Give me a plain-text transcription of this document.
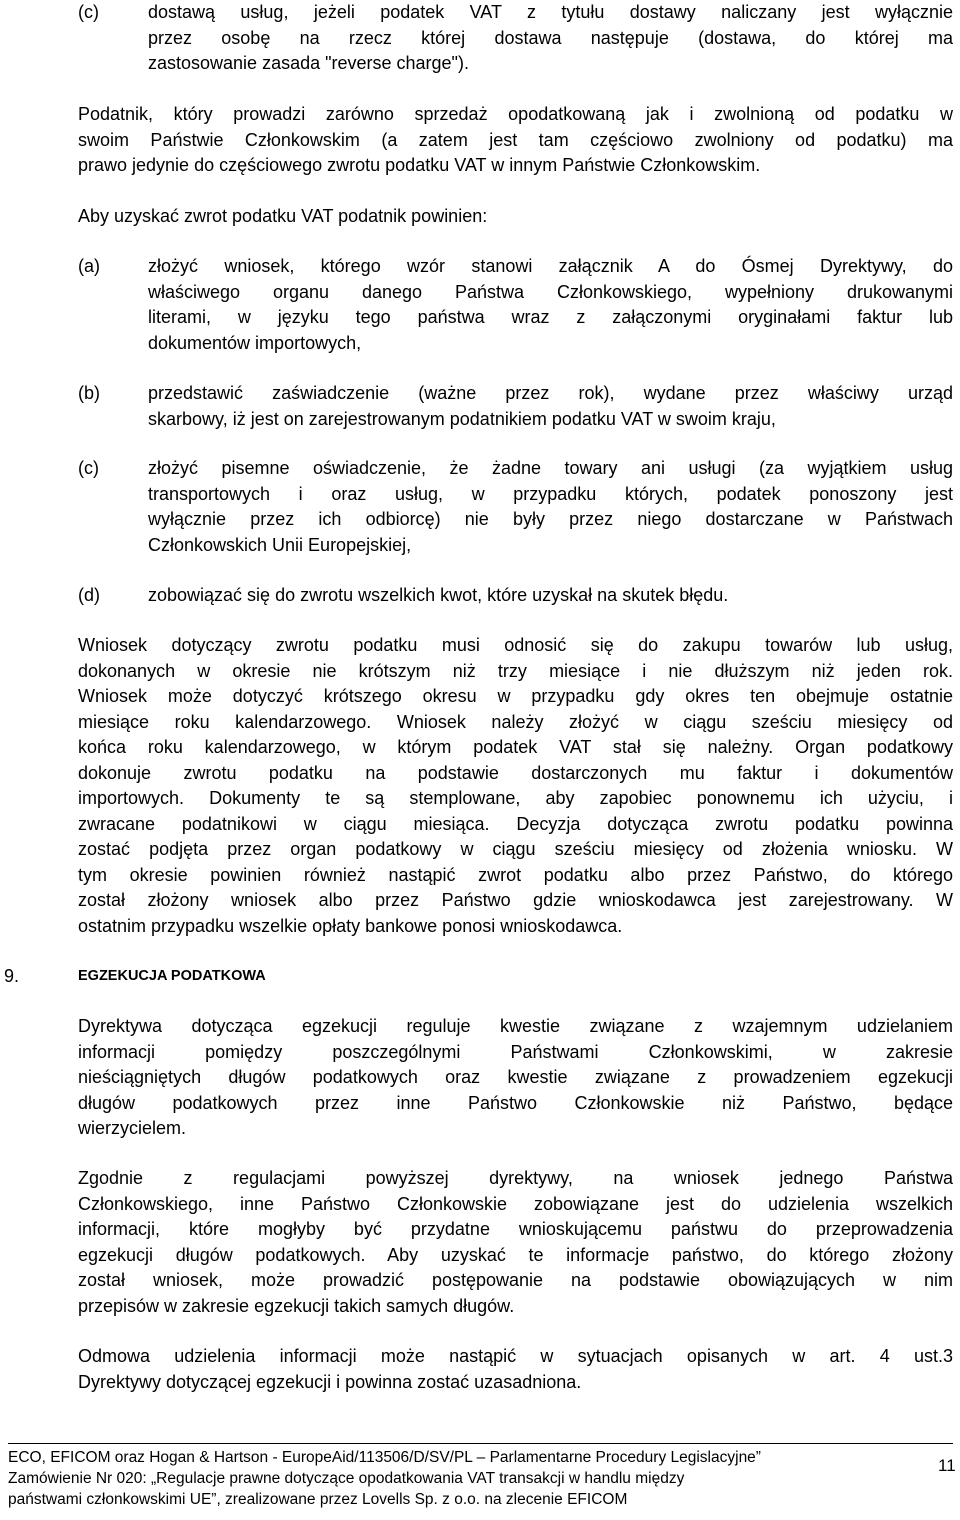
(c)	dostawą usług, jeżeli podatek VAT z tytułu dostawy naliczany jest wyłącznie
przez osobę na rzecz której dostawa następuje (dostawa, do której ma
zastosowanie zasada "reverse charge").
Podatnik, który prowadzi zarówno sprzedaż opodatkowaną jak i zwolnioną od podatku w
swoim Państwie Członkowskim (a zatem jest tam częściowo zwolniony od podatku) ma
prawo jedynie do częściowego zwrotu podatku VAT w innym Państwie Członkowskim.
Aby uzyskać zwrot podatku VAT podatnik powinien:
(a)	złożyć wniosek, którego wzór stanowi załącznik A do Ósmej Dyrektywy, do
właściwego organu danego Państwa Członkowskiego, wypełniony drukowanymi
literami, w języku tego państwa wraz z załączonymi oryginałami faktur lub
dokumentów importowych,
(b)	przedstawić zaświadczenie (ważne przez rok), wydane przez właściwy urząd
skarbowy, iż jest on zarejestrowanym podatnikiem podatku VAT w swoim kraju,
(c)	złożyć pisemne oświadczenie, że żadne towary ani usługi (za wyjątkiem usług
transportowych i oraz usług, w przypadku których, podatek ponoszony jest
wyłącznie przez ich odbiorcę) nie były przez niego dostarczane w Państwach
Członkowskich Unii Europejskiej,
(d)	zobowiązać się do zwrotu wszelkich kwot, które uzyskał na skutek błędu.
Wniosek dotyczący zwrotu podatku musi odnosić się do zakupu towarów lub usług,
dokonanych w okresie nie krótszym niż trzy miesiące i nie dłuższym niż jeden rok.
Wniosek może dotyczyć krótszego okresu w przypadku gdy okres ten obejmuje ostatnie
miesiące roku kalendarzowego. Wniosek należy złożyć w ciągu sześciu miesięcy od
końca roku kalendarzowego, w którym podatek VAT stał się należny. Organ podatkowy
dokonuje zwrotu podatku na podstawie dostarczonych mu faktur i dokumentów
importowych. Dokumenty te są stemplowane, aby zapobiec ponownemu ich użyciu, i
zwracane podatnikowi w ciągu miesiąca. Decyzja dotycząca zwrotu podatku powinna
zostać podjęta przez organ podatkowy w ciągu sześciu miesięcy od złożenia wniosku. W
tym okresie powinien również nastąpić zwrot podatku albo przez Państwo, do którego
został złożony wniosek albo przez Państwo gdzie wnioskodawca jest zarejestrowany. W
ostatnim przypadku wszelkie opłaty bankowe ponosi wnioskodawca.
9.	EGZEKUCJA PODATKOWA
Dyrektywa dotycząca egzekucji reguluje kwestie związane z wzajemnym udzielaniem
informacji pomiędzy poszczególnymi Państwami Członkowskimi, w zakresie
nieściągniętych długów podatkowych oraz kwestie związane z prowadzeniem egzekucji
długów podatkowych przez inne Państwo Członkowskie niż Państwo, będące
wierzycielem.
Zgodnie z regulacjami powyższej dyrektywy, na wniosek jednego Państwa
Członkowskiego, inne Państwo Członkowskie zobowiązane jest do udzielenia wszelkich
informacji, które mogłyby być przydatne wnioskującemu państwu do przeprowadzenia
egzekucji długów podatkowych. Aby uzyskać te informacje państwo, do którego złożony
został wniosek, może prowadzić postępowanie na podstawie obowiązujących w nim
przepisów w zakresie egzekucji takich samych długów.
Odmowa udzielenia informacji może nastąpić w sytuacjach opisanych w art. 4 ust.3
Dyrektywy dotyczącej egzekucji i powinna zostać uzasadniona.
ECO, EFICOM oraz Hogan & Hartson - EuropeAid/113506/D/SV/PL – Parlamentarne Procedury Legislacyjne”
Zamówienie Nr 020: „Regulacje prawne dotyczące opodatkowania VAT transakcji w handlu między
państwami członkowskimi UE”, zrealizowane przez Lovells Sp. z o.o. na zlecenie EFICOM
11
